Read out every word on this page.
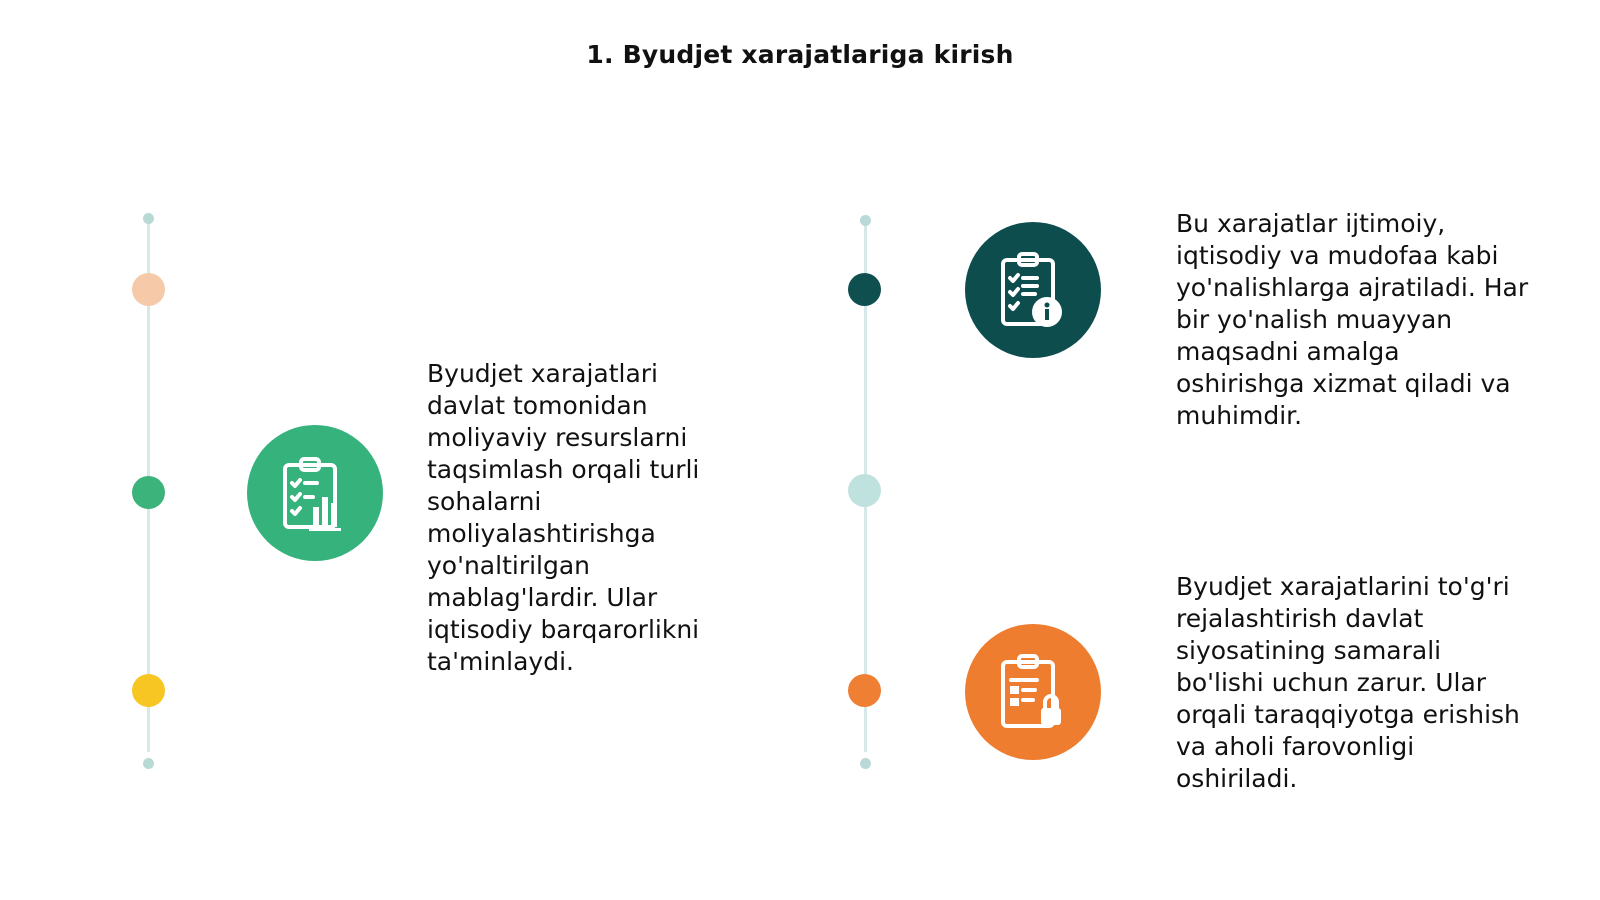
1. Byudjet xarajatlariga kirish
Byudjet xarajatlari
davlat tomonidan
moliyaviy resurslarni
taqsimlash orqali turli
sohalarni
moliyalashtirishga
yo'naltirilgan
mablag'lardir. Ular
iqtisodiy barqarorlikni
ta'minlaydi.
Bu xarajatlar ijtimoiy,
iqtisodiy va mudofaa kabi
yo'nalishlarga ajratiladi. Har
bir yo'nalish muayyan
maqsadni amalga
oshirishga xizmat qiladi va
muhimdir.
Byudjet xarajatlarini to'g'ri
rejalashtirish davlat
siyosatining samarali
bo'lishi uchun zarur. Ular
orqali taraqqiyotga erishish
va aholi farovonligi
oshiriladi.
